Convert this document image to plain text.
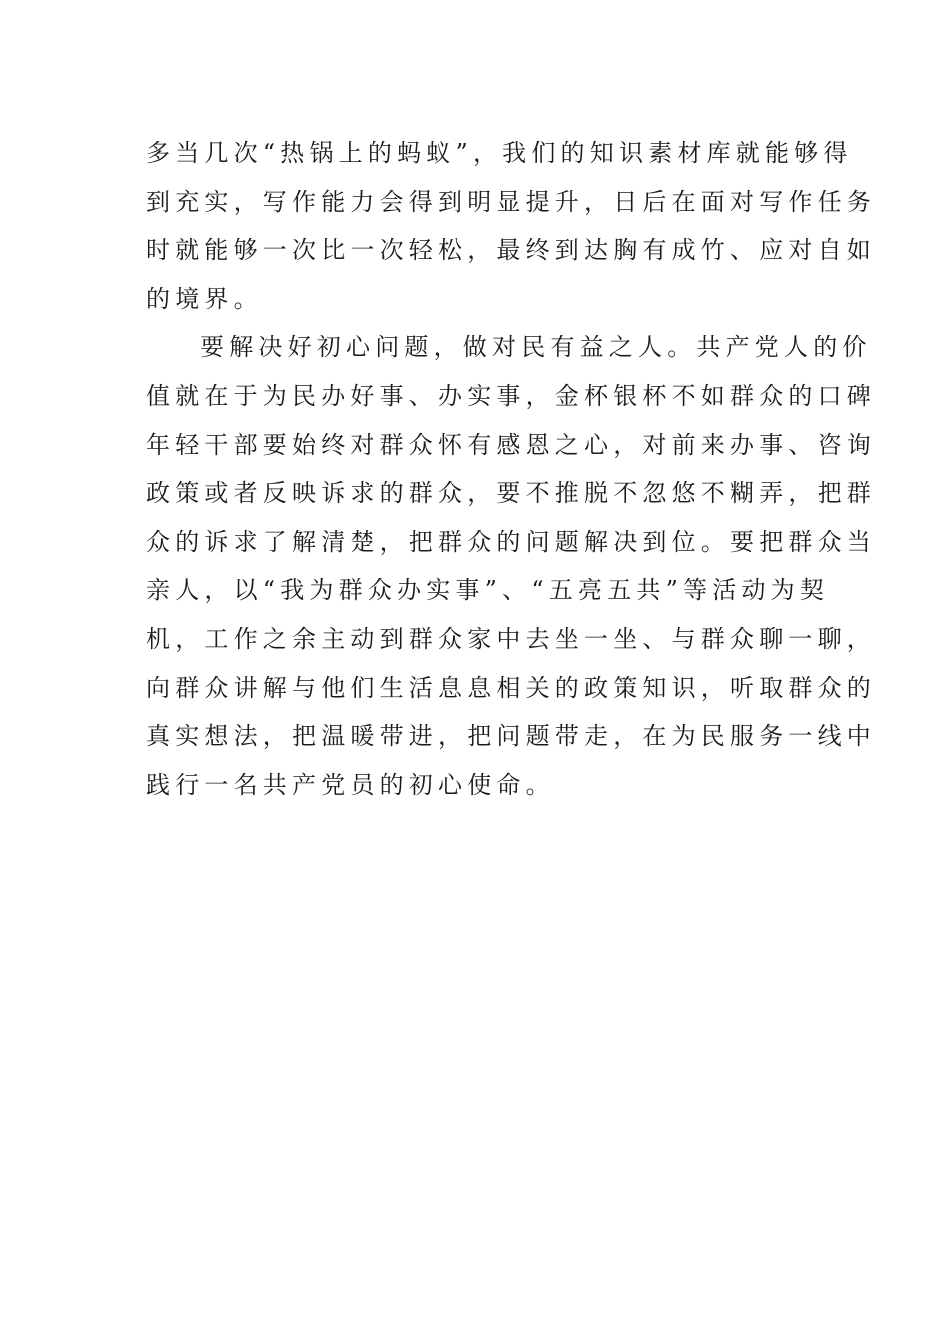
多当几次“热锅上的蚂蚁”，我们的知识素材库就能够得
到充实，写作能力会得到明显提升，日后在面对写作任务
时就能够一次比一次轻松，最终到达胸有成竹、应对自如
的境界。
要解决好初心问题，做对民有益之人。共产党人的价
值就在于为民办好事、办实事，金杯银杯不如群众的口碑
年轻干部要始终对群众怀有感恩之心，对前来办事、咨询
政策或者反映诉求的群众，要不推脱不忽悠不糊弄，把群
众的诉求了解清楚，把群众的问题解决到位。要把群众当
亲人，以“我为群众办实事”、“五亮五共”等活动为契
机，工作之余主动到群众家中去坐一坐、与群众聊一聊，
向群众讲解与他们生活息息相关的政策知识，听取群众的
真实想法，把温暖带进，把问题带走，在为民服务一线中
践行一名共产党员的初心使命。
